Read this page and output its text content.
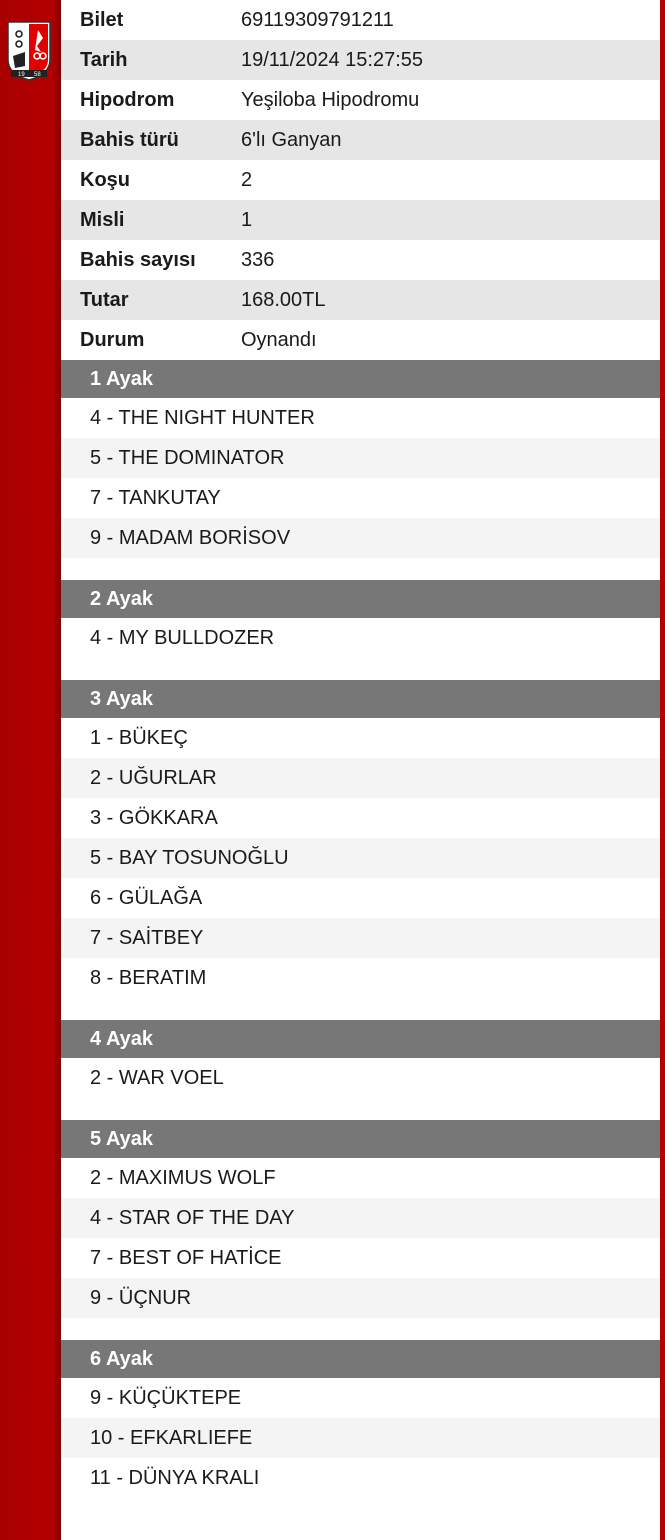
19 58
Bilet	69119309791211
Tarih	19/11/2024 15:27:55
Hipodrom	Yeşiloba Hipodromu
Bahis türü	6'lı Ganyan
Koşu	2
Misli	1
Bahis sayısı	336
Tutar	168.00TL
Durum	Oynandı
1 Ayak
4 - THE NIGHT HUNTER
5 - THE DOMINATOR
7 - TANKUTAY
9 - MADAM BORİSOV
2 Ayak
4 - MY BULLDOZER
3 Ayak
1 - BÜKEÇ
2 - UĞURLAR
3 - GÖKKARA
5 - BAY TOSUNOĞLU
6 - GÜLAĞA
7 - SAİTBEY
8 - BERATIM
4 Ayak
2 - WAR VOEL
5 Ayak
2 - MAXIMUS WOLF
4 - STAR OF THE DAY
7 - BEST OF HATİCE
9 - ÜÇNUR
6 Ayak
9 - KÜÇÜKTEPE
10 - EFKARLIEFE
11 - DÜNYA KRALI
